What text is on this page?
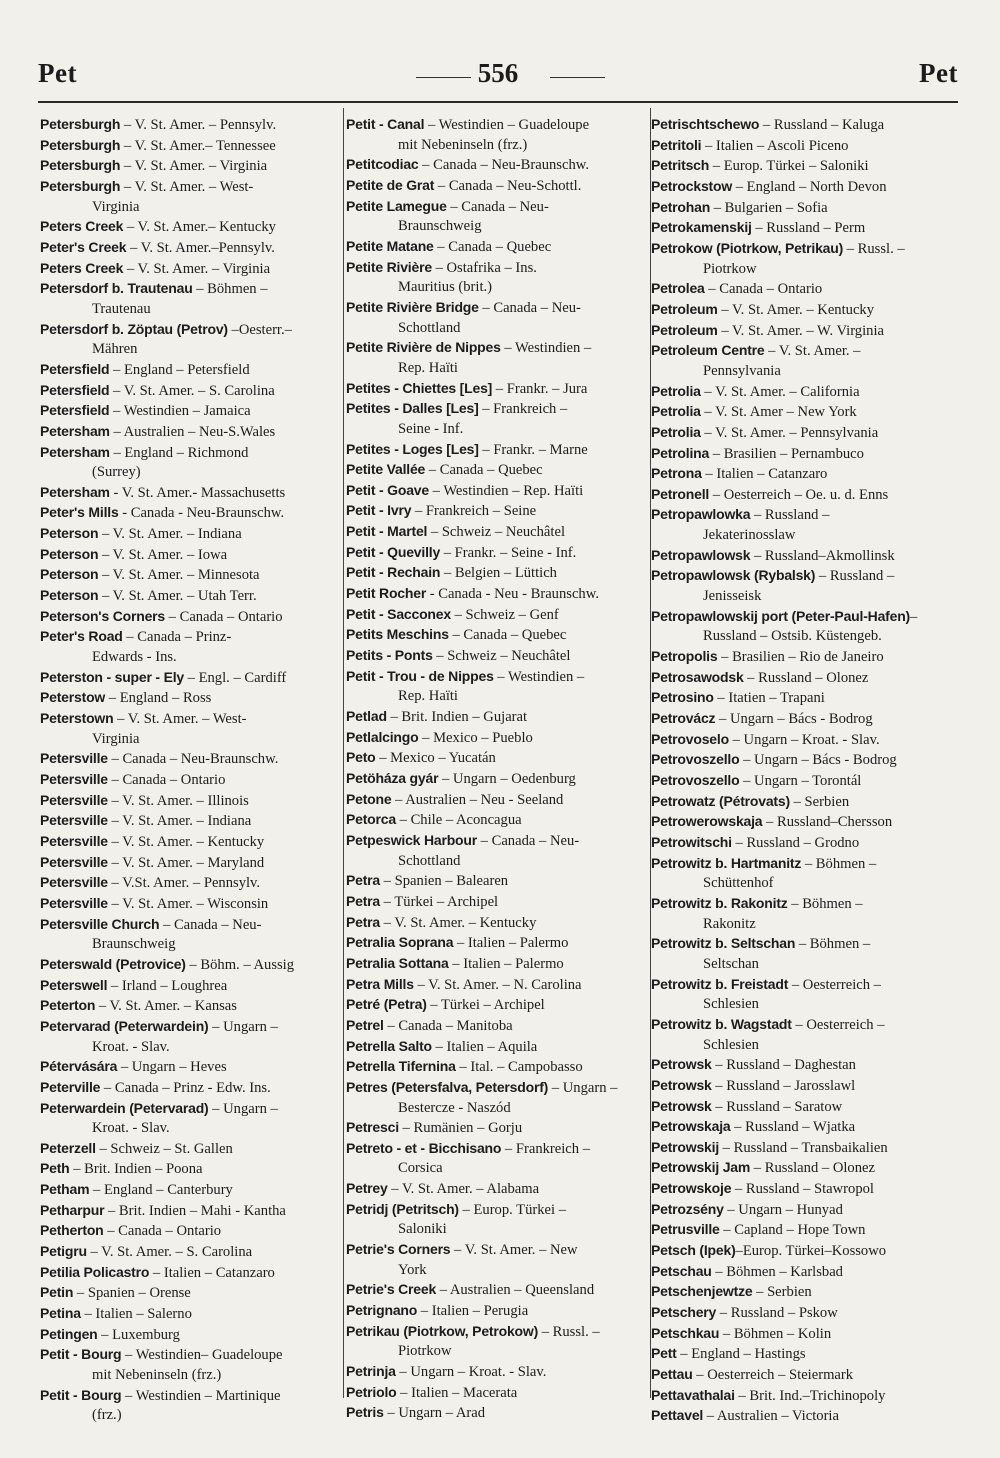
Pet	556	Pet
Petersburgh – V. St. Amer. – Pennsylv.
Petersburgh – V. St. Amer.– Tennessee
Petersburgh – V. St. Amer. – Virginia
Petersburgh – V. St. Amer. – West-
Virginia
Peters Creek – V. St. Amer.– Kentucky
Peter's Creek – V. St. Amer.–Pennsylv.
Peters Creek – V. St. Amer. – Virginia
Petersdorf b. Trautenau – Böhmen –
Trautenau
Petersdorf b. Zöptau (Petrov) –Oesterr.–
Mähren
Petersfield – England – Petersfield
Petersfield – V. St. Amer. – S. Carolina
Petersfield – Westindien – Jamaica
Petersham – Australien – Neu-S.Wales
Petersham – England – Richmond
(Surrey)
Petersham - V. St. Amer.- Massachusetts
Peter's Mills - Canada - Neu-Braunschw.
Peterson – V. St. Amer. – Indiana
Peterson – V. St. Amer. – Iowa
Peterson – V. St. Amer. – Minnesota
Peterson – V. St. Amer. – Utah Terr.
Peterson's Corners – Canada – Ontario
Peter's Road – Canada – Prinz-
Edwards - Ins.
Peterston - super - Ely – Engl. – Cardiff
Peterstow – England – Ross
Peterstown – V. St. Amer. – West-
Virginia
Petersville – Canada – Neu-Braunschw.
Petersville – Canada – Ontario
Petersville – V. St. Amer. – Illinois
Petersville – V. St. Amer. – Indiana
Petersville – V. St. Amer. – Kentucky
Petersville – V. St. Amer. – Maryland
Petersville – V.St. Amer. – Pennsylv.
Petersville – V. St. Amer. – Wisconsin
Petersville Church – Canada – Neu-
Braunschweig
Peterswald (Petrovice) – Böhm. – Aussig
Peterswell – Irland – Loughrea
Peterton – V. St. Amer. – Kansas
Petervarad (Peterwardein) – Ungarn –
Kroat. - Slav.
Pétervására – Ungarn – Heves
Peterville – Canada – Prinz - Edw. Ins.
Peterwardein (Petervarad) – Ungarn –
Kroat. - Slav.
Peterzell – Schweiz – St. Gallen
Peth – Brit. Indien – Poona
Petham – England – Canterbury
Petharpur – Brit. Indien – Mahi - Kantha
Petherton – Canada – Ontario
Petigru – V. St. Amer. – S. Carolina
Petilia Policastro – Italien – Catanzaro
Petin – Spanien – Orense
Petina – Italien – Salerno
Petingen – Luxemburg
Petit - Bourg – Westindien– Guadeloupe
mit Nebeninseln (frz.)
Petit - Bourg – Westindien – Martinique
(frz.)
Petit - Canal – Westindien – Guadeloupe
mit Nebeninseln (frz.)
Petitcodiac – Canada – Neu-Braunschw.
Petite de Grat – Canada – Neu-Schottl.
Petite Lamegue – Canada – Neu-
Braunschweig
Petite Matane – Canada – Quebec
Petite Rivière – Ostafrika – Ins.
Mauritius (brit.)
Petite Rivière Bridge – Canada – Neu-
Schottland
Petite Rivière de Nippes – Westindien –
Rep. Haïti
Petites - Chiettes [Les] – Frankr. – Jura
Petites - Dalles [Les] – Frankreich –
Seine - Inf.
Petites - Loges [Les] – Frankr. – Marne
Petite Vallée – Canada – Quebec
Petit - Goave – Westindien – Rep. Haïti
Petit - Ivry – Frankreich – Seine
Petit - Martel – Schweiz – Neuchâtel
Petit - Quevilly – Frankr. – Seine - Inf.
Petit - Rechain – Belgien – Lüttich
Petit Rocher - Canada - Neu - Braunschw.
Petit - Sacconex – Schweiz – Genf
Petits Meschins – Canada – Quebec
Petits - Ponts – Schweiz – Neuchâtel
Petit - Trou - de Nippes – Westindien –
Rep. Haïti
Petlad – Brit. Indien – Gujarat
Petlalcingo – Mexico – Pueblo
Peto – Mexico – Yucatán
Petöháza gyár – Ungarn – Oedenburg
Petone – Australien – Neu - Seeland
Petorca – Chile – Aconcagua
Petpeswick Harbour – Canada – Neu-
Schottland
Petra – Spanien – Balearen
Petra – Türkei – Archipel
Petra – V. St. Amer. – Kentucky
Petralia Soprana – Italien – Palermo
Petralia Sottana – Italien – Palermo
Petra Mills – V. St. Amer. – N. Carolina
Petré (Petra) – Türkei – Archipel
Petrel – Canada – Manitoba
Petrella Salto – Italien – Aquila
Petrella Tifernina – Ital. – Campobasso
Petres (Petersfalva, Petersdorf) – Ungarn –
Bestercze - Naszód
Petresci – Rumänien – Gorju
Petreto - et - Bicchisano – Frankreich –
Corsica
Petrey – V. St. Amer. – Alabama
Petridj (Petritsch) – Europ. Türkei –
Saloniki
Petrie's Corners – V. St. Amer. – New
York
Petrie's Creek – Australien – Queensland
Petrignano – Italien – Perugia
Petrikau (Piotrkow, Petrokow) – Russl. –
Piotrkow
Petrinja – Ungarn – Kroat. - Slav.
Petriolo – Italien – Macerata
Petris – Ungarn – Arad
Petrischtschewo – Russland – Kaluga
Petritoli – Italien – Ascoli Piceno
Petritsch – Europ. Türkei – Saloniki
Petrockstow – England – North Devon
Petrohan – Bulgarien – Sofia
Petrokamenskij – Russland – Perm
Petrokow (Piotrkow, Petrikau) – Russl. –
Piotrkow
Petrolea – Canada – Ontario
Petroleum – V. St. Amer. – Kentucky
Petroleum – V. St. Amer. – W. Virginia
Petroleum Centre – V. St. Amer. –
Pennsylvania
Petrolia – V. St. Amer. – California
Petrolia – V. St. Amer – New York
Petrolia – V. St. Amer. – Pennsylvania
Petrolina – Brasilien – Pernambuco
Petrona – Italien – Catanzaro
Petronell – Oesterreich – Oe. u. d. Enns
Petropawlowka – Russland –
Jekaterinosslaw
Petropawlowsk – Russland–Akmollinsk
Petropawlowsk (Rybalsk) – Russland –
Jenisseisk
Petropawlowskij port (Peter-Paul-Hafen)–
Russland – Ostsib. Küstengeb.
Petropolis – Brasilien – Rio de Janeiro
Petrosawodsk – Russland – Olonez
Petrosino – Itatien – Trapani
Petrovácz – Ungarn – Bács - Bodrog
Petrovoselo – Ungarn – Kroat. - Slav.
Petrovoszello – Ungarn – Bács - Bodrog
Petrovoszello – Ungarn – Torontál
Petrowatz (Pétrovats) – Serbien
Petrowerowskaja – Russland–Chersson
Petrowitschi – Russland – Grodno
Petrowitz b. Hartmanitz – Böhmen –
Schüttenhof
Petrowitz b. Rakonitz – Böhmen –
Rakonitz
Petrowitz b. Seltschan – Böhmen –
Seltschan
Petrowitz b. Freistadt – Oesterreich –
Schlesien
Petrowitz b. Wagstadt – Oesterreich –
Schlesien
Petrowsk – Russland – Daghestan
Petrowsk – Russland – Jarosslawl
Petrowsk – Russland – Saratow
Petrowskaja – Russland – Wjatka
Petrowskij – Russland – Transbaikalien
Petrowskij Jam – Russland – Olonez
Petrowskoje – Russland – Stawropol
Petrozsény – Ungarn – Hunyad
Petrusville – Capland – Hope Town
Petsch (Ipek)–Europ. Türkei–Kossowo
Petschau – Böhmen – Karlsbad
Petschenjewtze – Serbien
Petschery – Russland – Pskow
Petschkau – Böhmen – Kolin
Pett – England – Hastings
Pettau – Oesterreich – Steiermark
Pettavathalai – Brit. Ind.–Trichinopoly
Pettavel – Australien – Victoria
